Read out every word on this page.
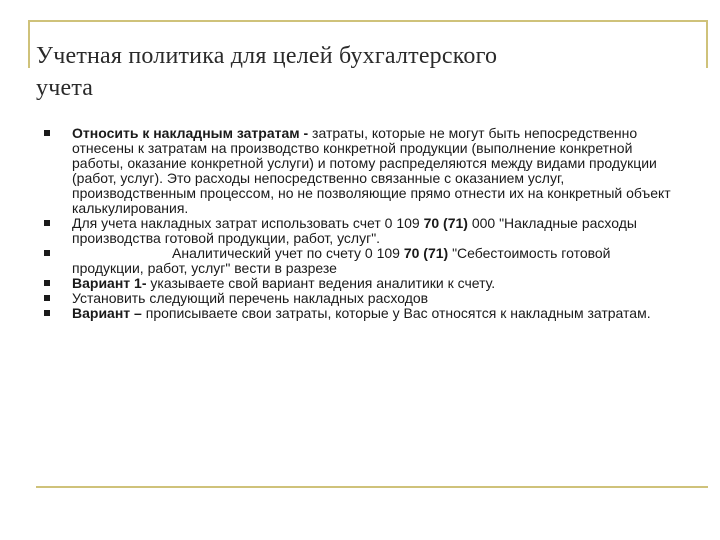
Учетная политика для целей бухгалтерского
учета
Относить к накладным затратам - затраты, которые не могут быть непосредственно отнесены к затратам на производство конкретной продукции (выполнение конкретной работы, оказание конкретной услуги) и потому распределяются между видами продукции (работ, услуг). Это расходы непосредственно связанные с оказанием услуг, производственным процессом, но не позволяющие прямо отнести их на конкретный объект калькулирования.
Для учета накладных затрат использовать счет 0 109 70 (71) 000 "Накладные расходы производства готовой продукции, работ, услуг".
Аналитический учет по счету 0 109 70 (71) "Себестоимость готовой продукции, работ, услуг" вести в разрезе
Вариант 1- указываете свой вариант ведения аналитики к счету.
Установить следующий перечень накладных расходов
Вариант – прописываете свои затраты, которые у Вас относятся к накладным затратам.
